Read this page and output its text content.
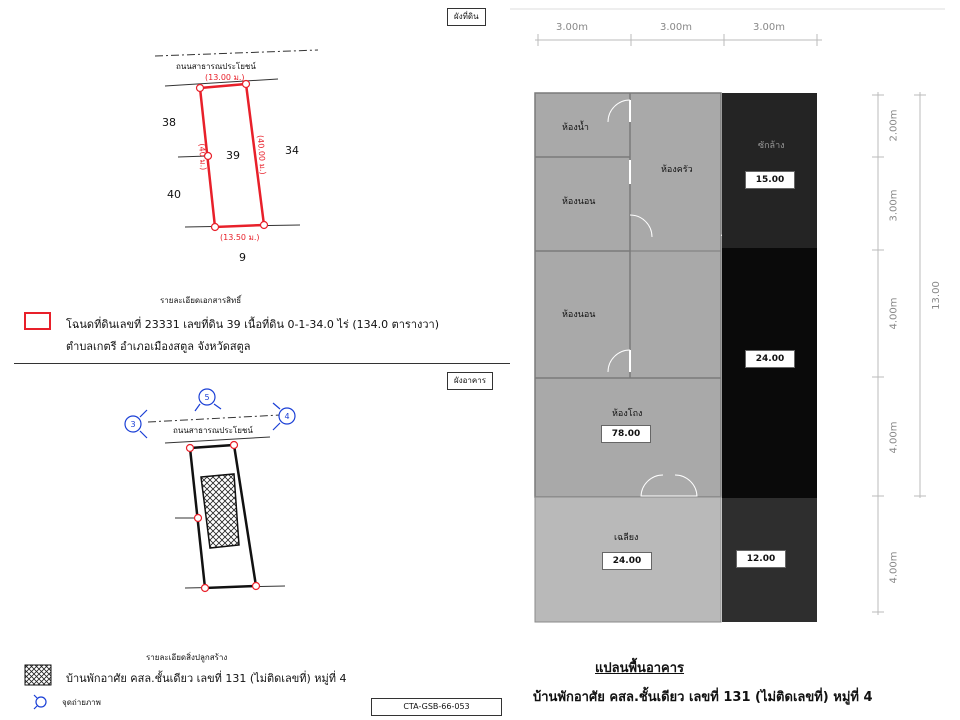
ผังที่ดิน
(40 ม.)	(40.00 ม.)
ถนนสาธารณประโยชน์
(13.00 ม.)
(13.50 ม.)
39
38
34
40
9
รายละเอียดเอกสารสิทธิ์
โฉนดที่ดินเลขที่ 23331 เลขที่ดิน 39 เนื้อที่ดิน 0-1-34.0 ไร่ (134.0 ตารางวา)
ตำบลเกตรี อำเภอเมืองสตูล จังหวัดสตูล
ผังอาคาร
3
5
4
ถนนสาธารณประโยชน์
รายละเอียดสิ่งปลูกสร้าง
บ้านพักอาศัย คสล.ชั้นเดียว เลขที่ 131 (ไม่ติดเลขที่) หมู่ที่ 4
จุดถ่ายภาพ	CTA-GSB-66-053
3.00m	3.00m	3.00m
2.00m
3.00m
4.00m
4.00m
4.00m
13.00
ห้องน้ำ
ห้องครัว
ห้องนอน
ห้องนอน
ห้องโถง
78.00
เฉลียง
24.00
ซักล้าง
15.00
24.00
12.00
แปลนพื้นอาคาร
บ้านพักอาศัย คสล.ชั้นเดียว เลขที่ 131 (ไม่ติดเลขที่) หมู่ที่ 4
